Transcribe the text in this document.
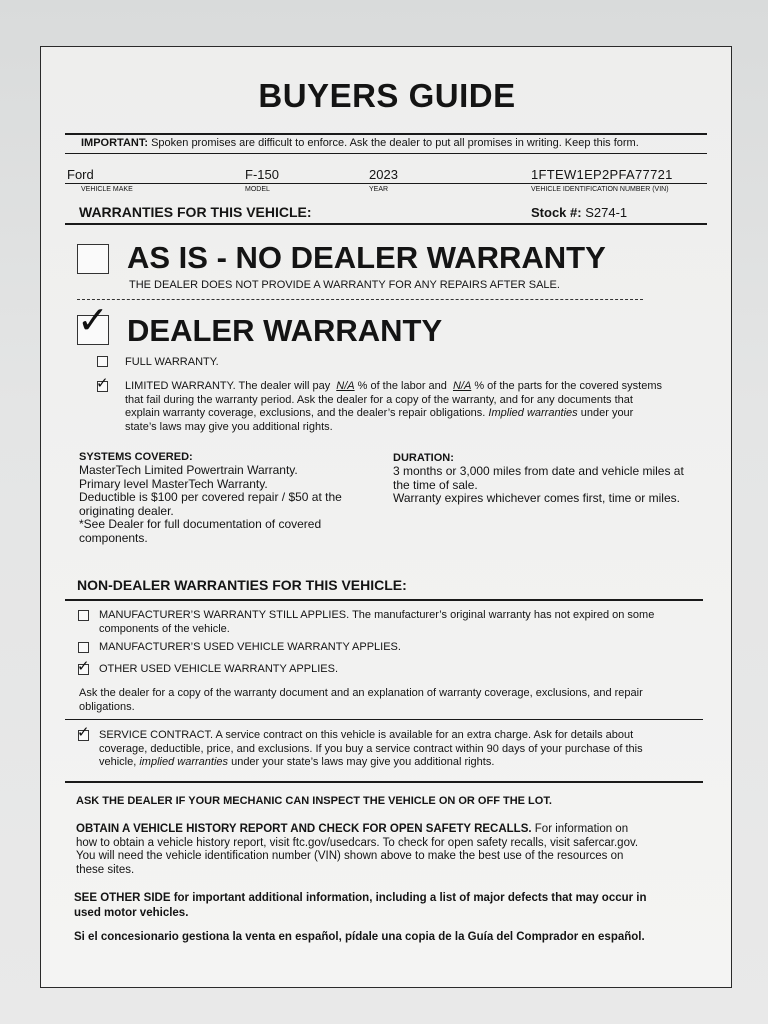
BUYERS GUIDE
IMPORTANT: Spoken promises are difficult to enforce. Ask the dealer to put all promises in writing. Keep this form.
Ford	F-150	2023	1FTEW1EP2PFA77721
VEHICLE MAKE	MODEL	YEAR	VEHICLE IDENTIFICATION NUMBER (VIN)
WARRANTIES FOR THIS VEHICLE:	Stock #: S274-1
AS IS - NO DEALER WARRANTY
THE DEALER DOES NOT PROVIDE A WARRANTY FOR ANY REPAIRS AFTER SALE.
✓ DEALER WARRANTY
FULL WARRANTY.
✓ LIMITED WARRANTY. The dealer will pay N/A % of the labor and N/A % of the parts for the covered systems
that fail during the warranty period. Ask the dealer for a copy of the warranty, and for any documents that
explain warranty coverage, exclusions, and the dealer’s repair obligations. Implied warranties under your
state’s laws may give you additional rights.
SYSTEMS COVERED:
MasterTech Limited Powertrain Warranty.
Primary level MasterTech Warranty.
Deductible is $100 per covered repair / $50 at the
originating dealer.
*See Dealer for full documentation of covered
components.
DURATION:
3 months or 3,000 miles from date and vehicle miles at
the time of sale.
Warranty expires whichever comes first, time or miles.
NON-DEALER WARRANTIES FOR THIS VEHICLE:
MANUFACTURER’S WARRANTY STILL APPLIES. The manufacturer’s original warranty has not expired on some
components of the vehicle.
MANUFACTURER’S USED VEHICLE WARRANTY APPLIES.
✓ OTHER USED VEHICLE WARRANTY APPLIES.
Ask the dealer for a copy of the warranty document and an explanation of warranty coverage, exclusions, and repair
obligations.
✓ SERVICE CONTRACT. A service contract on this vehicle is available for an extra charge. Ask for details about
coverage, deductible, price, and exclusions. If you buy a service contract within 90 days of your purchase of this
vehicle, implied warranties under your state’s laws may give you additional rights.
ASK THE DEALER IF YOUR MECHANIC CAN INSPECT THE VEHICLE ON OR OFF THE LOT.
OBTAIN A VEHICLE HISTORY REPORT AND CHECK FOR OPEN SAFETY RECALLS. For information on
how to obtain a vehicle history report, visit ftc.gov/usedcars. To check for open safety recalls, visit safercar.gov.
You will need the vehicle identification number (VIN) shown above to make the best use of the resources on
these sites.
SEE OTHER SIDE for important additional information, including a list of major defects that may occur in
used motor vehicles.
Si el concesionario gestiona la venta en español, pídale una copia de la Guía del Comprador en español.
